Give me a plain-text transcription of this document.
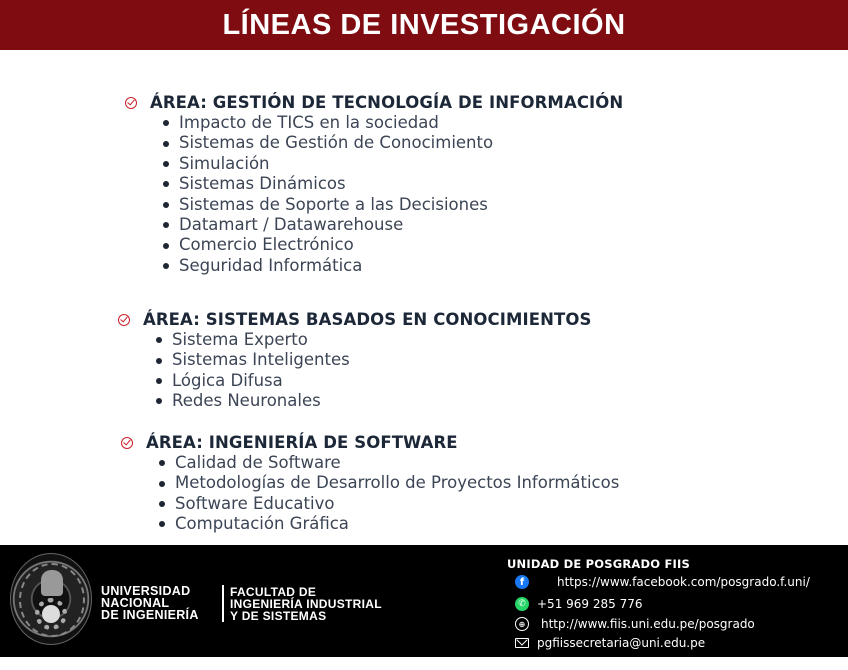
LÍNEAS DE INVESTIGACIÓN
ÁREA: GESTIÓN DE TECNOLOGÍA DE INFORMACIÓN
Impacto de TICS en la sociedad
Sistemas de Gestión de Conocimiento
Simulación
Sistemas Dinámicos
Sistemas de Soporte a las Decisiones
Datamart / Datawarehouse
Comercio Electrónico
Seguridad Informática
ÁREA: SISTEMAS BASADOS EN CONOCIMIENTOS
Sistema Experto
Sistemas Inteligentes
Lógica Difusa
Redes Neuronales
ÁREA: INGENIERÍA DE SOFTWARE
Calidad de Software
Metodologías de Desarrollo de Proyectos Informáticos
Software Educativo
Computación Gráfica
UNIVERSIDAD
NACIONAL
DE INGENIERÍA
FACULTAD DE
INGENIERÍA INDUSTRIAL
Y DE SISTEMAS
UNIDAD DE POSGRADO FIIS
f	https://www.facebook.com/posgrado.f.uni/
✆ +51 969 285 776
⊕	http://www.fiis.uni.edu.pe/posgrado
pgfiissecretaria@uni.edu.pe
